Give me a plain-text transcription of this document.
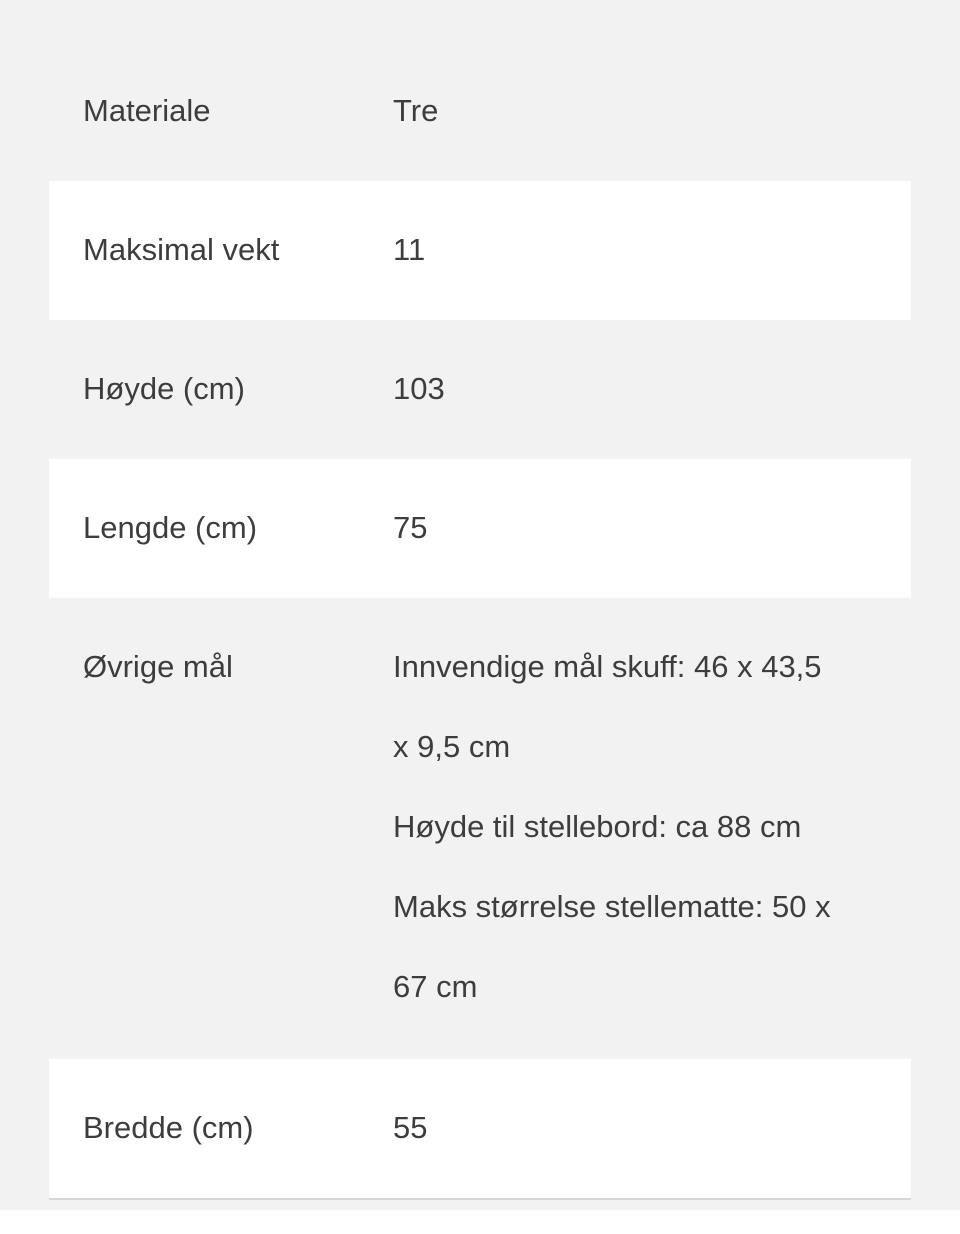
Materiale	Tre
Maksimal vekt	11
Høyde (cm)	103
Lengde (cm)	75
Øvrige mål	Innvendige mål skuff: 46 x 43,5
x 9,5 cm
Høyde til stellebord: ca 88 cm
Maks størrelse stellematte: 50 x
67 cm
Bredde (cm)	55
